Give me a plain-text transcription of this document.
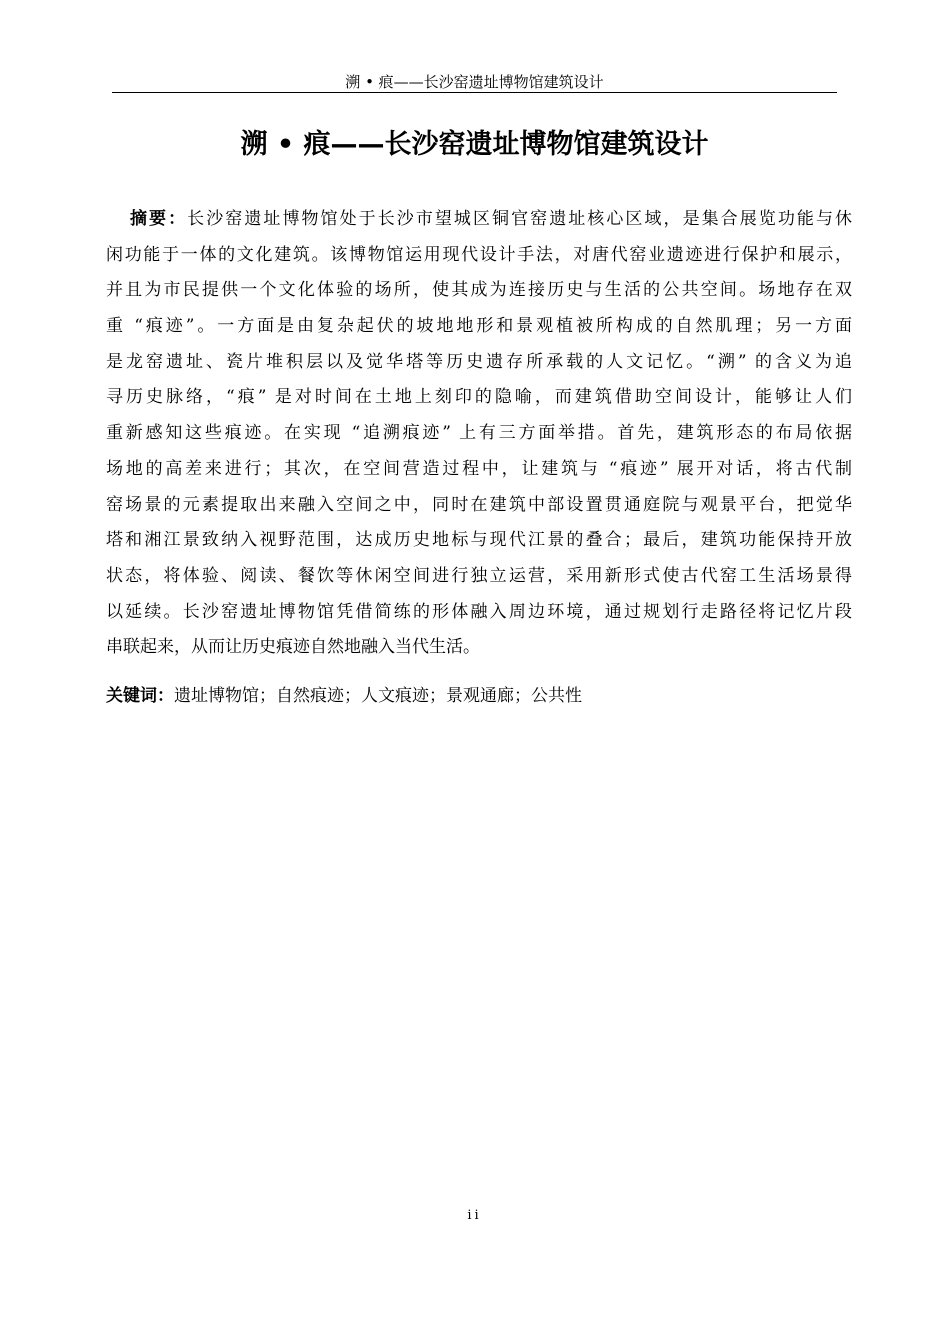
溯 • 痕——长沙窑遗址博物馆建筑设计
溯 • 痕——长沙窑遗址博物馆建筑设计
摘要：长沙窑遗址博物馆处于长沙市望城区铜官窑遗址核心区域，是集合展览功能与休
闲功能于一体的文化建筑。该博物馆运用现代设计手法，对唐代窑业遗迹进行保护和展示，
并且为市民提供一个文化体验的场所，使其成为连接历史与生活的公共空间。场地存在双
重 “痕迹”。一方面是由复杂起伏的坡地地形和景观植被所构成的自然肌理；另一方面
是龙窑遗址、瓷片堆积层以及觉华塔等历史遗存所承载的人文记忆。“溯” 的含义为追
寻历史脉络，“痕” 是对时间在土地上刻印的隐喻，而建筑借助空间设计，能够让人们
重新感知这些痕迹。在实现 “追溯痕迹” 上有三方面举措。首先，建筑形态的布局依据
场地的高差来进行；其次，在空间营造过程中，让建筑与 “痕迹” 展开对话，将古代制
窑场景的元素提取出来融入空间之中，同时在建筑中部设置贯通庭院与观景平台，把觉华
塔和湘江景致纳入视野范围，达成历史地标与现代江景的叠合；最后，建筑功能保持开放
状态，将体验、阅读、餐饮等休闲空间进行独立运营，采用新形式使古代窑工生活场景得
以延续。长沙窑遗址博物馆凭借简练的形体融入周边环境，通过规划行走路径将记忆片段
串联起来，从而让历史痕迹自然地融入当代生活。
关键词：遗址博物馆；自然痕迹；人文痕迹；景观通廊；公共性
ii
